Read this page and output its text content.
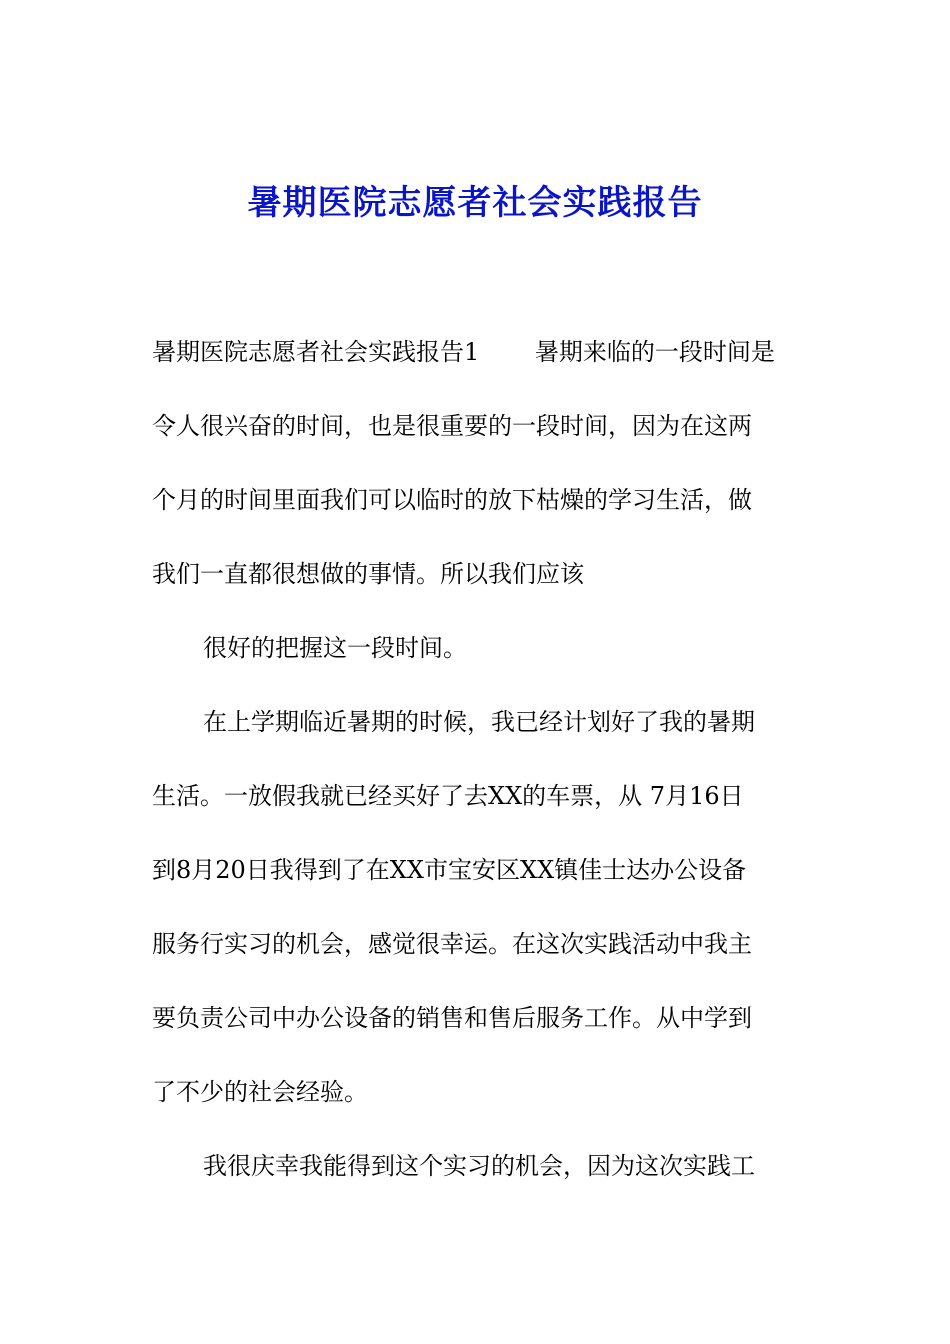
暑期医院志愿者社会实践报告

暑期医院志愿者社会实践报告1　　 暑期来临的一段时间是

令人很兴奋的时间，也是很重要的一段时间，因为在这两

个月的时间里面我们可以临时的放下枯燥的学习生活，做

我们一直都很想做的事情。所以我们应该

很好的把握这一段时间。

在上学期临近暑期的时候，我已经计划好了我的暑期

生活。一放假我就已经买好了去XX的车票，从 7月16日

到8月20日我得到了在XX市宝安区XX镇佳士达办公设备

服务行实习的机会，感觉很幸运。在这次实践活动中我主

要负责公司中办公设备的销售和售后服务工作。从中学到

了不少的社会经验。

我很庆幸我能得到这个实习的机会，因为这次实践工
